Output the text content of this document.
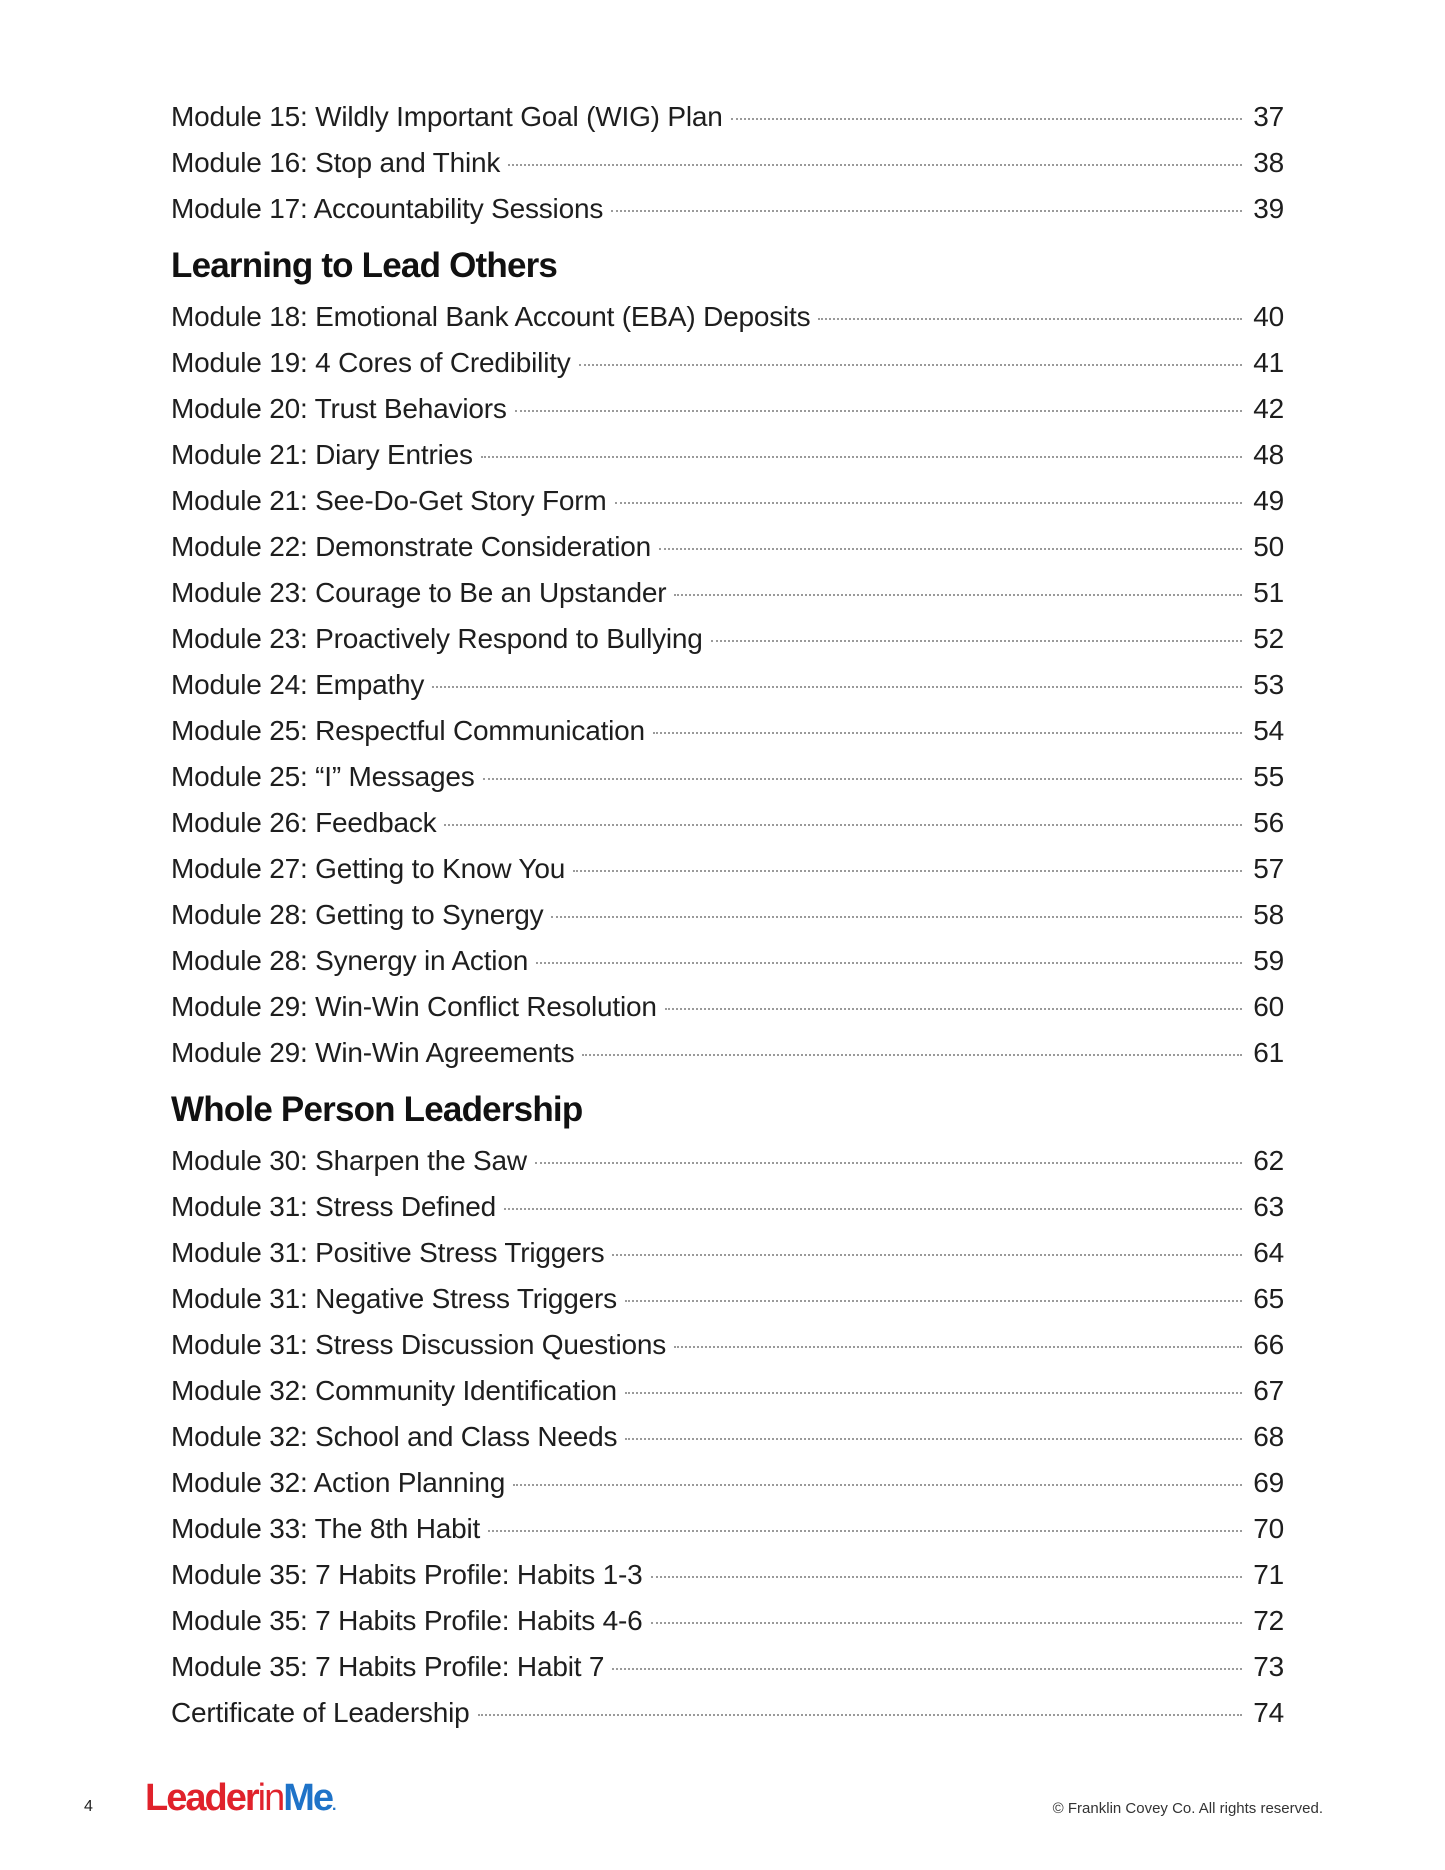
Module 15: Wildly Important Goal (WIG) Plan	37
Module 16: Stop and Think	38
Module 17: Accountability Sessions	39
Learning to Lead Others
Module 18: Emotional Bank Account (EBA) Deposits	40
Module 19: 4 Cores of Credibility	41
Module 20: Trust Behaviors	42
Module 21: Diary Entries	48
Module 21: See-Do-Get Story Form	49
Module 22: Demonstrate Consideration	50
Module 23: Courage to Be an Upstander	51
Module 23: Proactively Respond to Bullying	52
Module 24: Empathy	53
Module 25: Respectful Communication	54
Module 25: “I” Messages	55
Module 26: Feedback	56
Module 27: Getting to Know You	57
Module 28: Getting to Synergy	58
Module 28: Synergy in Action	59
Module 29: Win-Win Conflict Resolution	60
Module 29: Win-Win Agreements	61
Whole Person Leadership
Module 30: Sharpen the Saw	62
Module 31: Stress Defined	63
Module 31: Positive Stress Triggers	64
Module 31: Negative Stress Triggers	65
Module 31: Stress Discussion Questions	66
Module 32: Community Identification	67
Module 32: School and Class Needs	68
Module 32: Action Planning	69
Module 33: The 8th Habit	70
Module 35: 7 Habits Profile: Habits 1-3	71
Module 35: 7 Habits Profile: Habits 4-6	72
Module 35: 7 Habits Profile: Habit 7	73
Certificate of Leadership	74
4 LeaderinMe.	© Franklin Covey Co. All rights reserved.
